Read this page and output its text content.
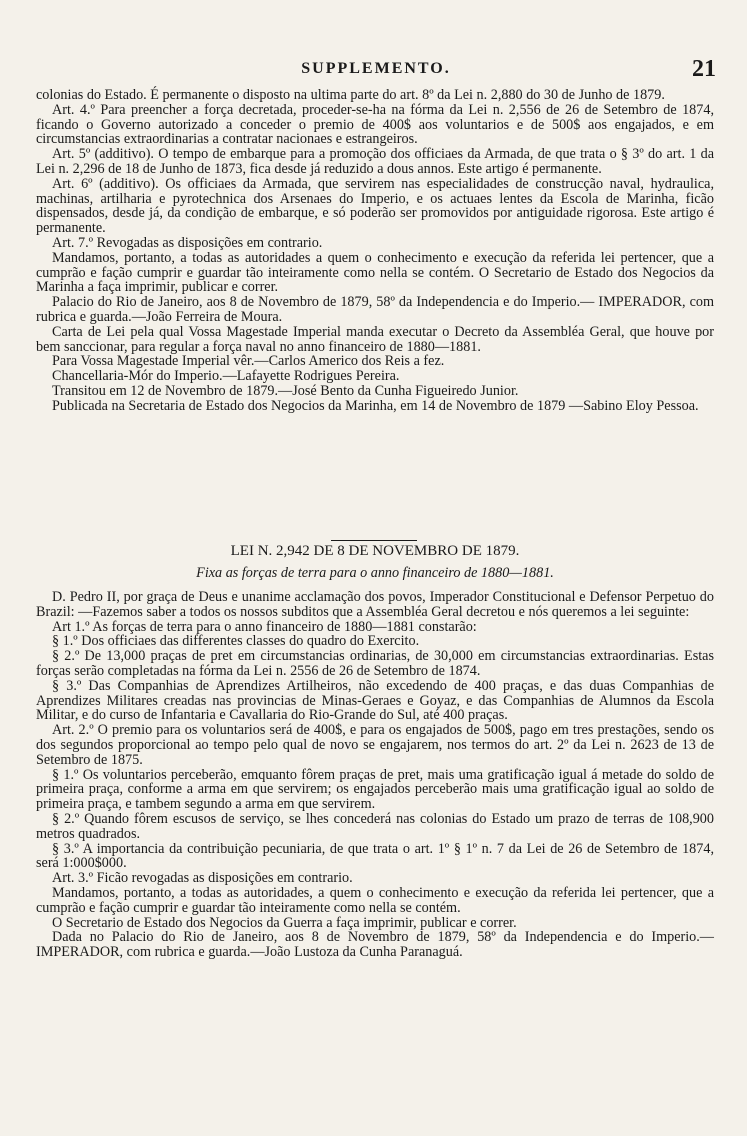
SUPPLEMENTO.	21

colonias do Estado. É permanente o disposto na ultima parte do art. 8º da Lei n. 2,880 do 30 de Junho de 1879.

Art. 4.º Para preencher a força decretada, proceder-se-ha na fórma da Lei n. 2,556 de 26 de Setembro de 1874, ficando o Governo autorizado a conceder o premio de 400$ aos voluntarios e de 500$ aos engajados, e em circumstancias extraordinarias a contratar nacionaes e estrangeiros.

Art. 5º (additivo). O tempo de embarque para a promoção dos officiaes da Armada, de que trata o § 3º do art. 1 da Lei n. 2,296 de 18 de Junho de 1873, fica desde já reduzido a dous annos. Este artigo é permanente.

Art. 6º (additivo). Os officiaes da Armada, que servirem nas especialidades de construcção naval, hydraulica, machinas, artilharia e pyrotechnica dos Arsenaes do Imperio, e os actuaes lentes da Escola de Marinha, ficão dispensados, desde já, da condição de embarque, e só poderão ser promovidos por antiguidade rigorosa. Este artigo é permanente.

Art. 7.º Revogadas as disposições em contrario.

Mandamos, portanto, a todas as autoridades a quem o conhecimento e execução da referida lei pertencer, que a cumprão e fação cumprir e guardar tão inteiramente como nella se contém. O Secretario de Estado dos Negocios da Marinha a faça imprimir, publicar e correr.

Palacio do Rio de Janeiro, aos 8 de Novembro de 1879, 58º da Independencia e do Imperio.— IMPERADOR, com rubrica e guarda.—João Ferreira de Moura.

Carta de Lei pela qual Vossa Magestade Imperial manda executar o Decreto da Assembléa Geral, que houve por bem sanccionar, para regular a força naval no anno financeiro de 1880—1881.

Para Vossa Magestade Imperial vêr.—Carlos Americo dos Reis a fez.

Chancellaria-Mór do Imperio.—Lafayette Rodrigues Pereira.

Transitou em 12 de Novembro de 1879.—José Bento da Cunha Figueiredo Junior.

Publicada na Secretaria de Estado dos Negocios da Marinha, em 14 de Novembro de 1879 —Sabino Eloy Pessoa.

LEI N. 2,942 DE 8 DE NOVEMBRO DE 1879.
Fixa as forças de terra para o anno financeiro de 1880—1881.

D. Pedro II, por graça de Deus e unanime acclamação dos povos, Imperador Constitucional e Defensor Perpetuo do Brazil: —Fazemos saber a todos os nossos subditos que a Assembléa Geral decretou e nós queremos a lei seguinte:

Art 1.º As forças de terra para o anno financeiro de 1880—1881 constarão:

§ 1.º Dos officiaes das differentes classes do quadro do Exercito.

§ 2.º De 13,000 praças de pret em circumstancias ordinarias, de 30,000 em circumstancias extraordinarias. Estas forças serão completadas na fórma da Lei n. 2556 de 26 de Setembro de 1874.

§ 3.º Das Companhias de Aprendizes Artilheiros, não excedendo de 400 praças, e das duas Companhias de Aprendizes Militares creadas nas provincias de Minas-Geraes e Goyaz, e das Companhias de Alumnos da Escola Militar, e do curso de Infantaria e Cavallaria do Rio-Grande do Sul, até 400 praças.

Art. 2.º O premio para os voluntarios será de 400$, e para os engajados de 500$, pago em tres prestações, sendo os dos segundos proporcional ao tempo pelo qual de novo se engajarem, nos termos do art. 2º da Lei n. 2623 de 13 de Setembro de 1875.

§ 1.º Os voluntarios perceberão, emquanto fôrem praças de pret, mais uma gratificação igual á metade do soldo de primeira praça, conforme a arma em que servirem; os engajados perceberão mais uma gratificação igual ao soldo de primeira praça, e tambem segundo a arma em que servirem.

§ 2.º Quando fôrem escusos de serviço, se lhes concederá nas colonias do Estado um prazo de terras de 108,900 metros quadrados.

§ 3.º A importancia da contribuição pecuniaria, de que trata o art. 1º § 1º n. 7 da Lei de 26 de Setembro de 1874, será 1:000$000.

Art. 3.º Ficão revogadas as disposições em contrario.

Mandamos, portanto, a todas as autoridades, a quem o conhecimento e execução da referida lei pertencer, que a cumprão e fação cumprir e guardar tão inteiramente como nella se contém.

O Secretario de Estado dos Negocios da Guerra a faça imprimir, publicar e correr.

Dada no Palacio do Rio de Janeiro, aos 8 de Novembro de 1879, 58º da Independencia e do Imperio.—IMPERADOR, com rubrica e guarda.—João Lustoza da Cunha Paranaguá.
